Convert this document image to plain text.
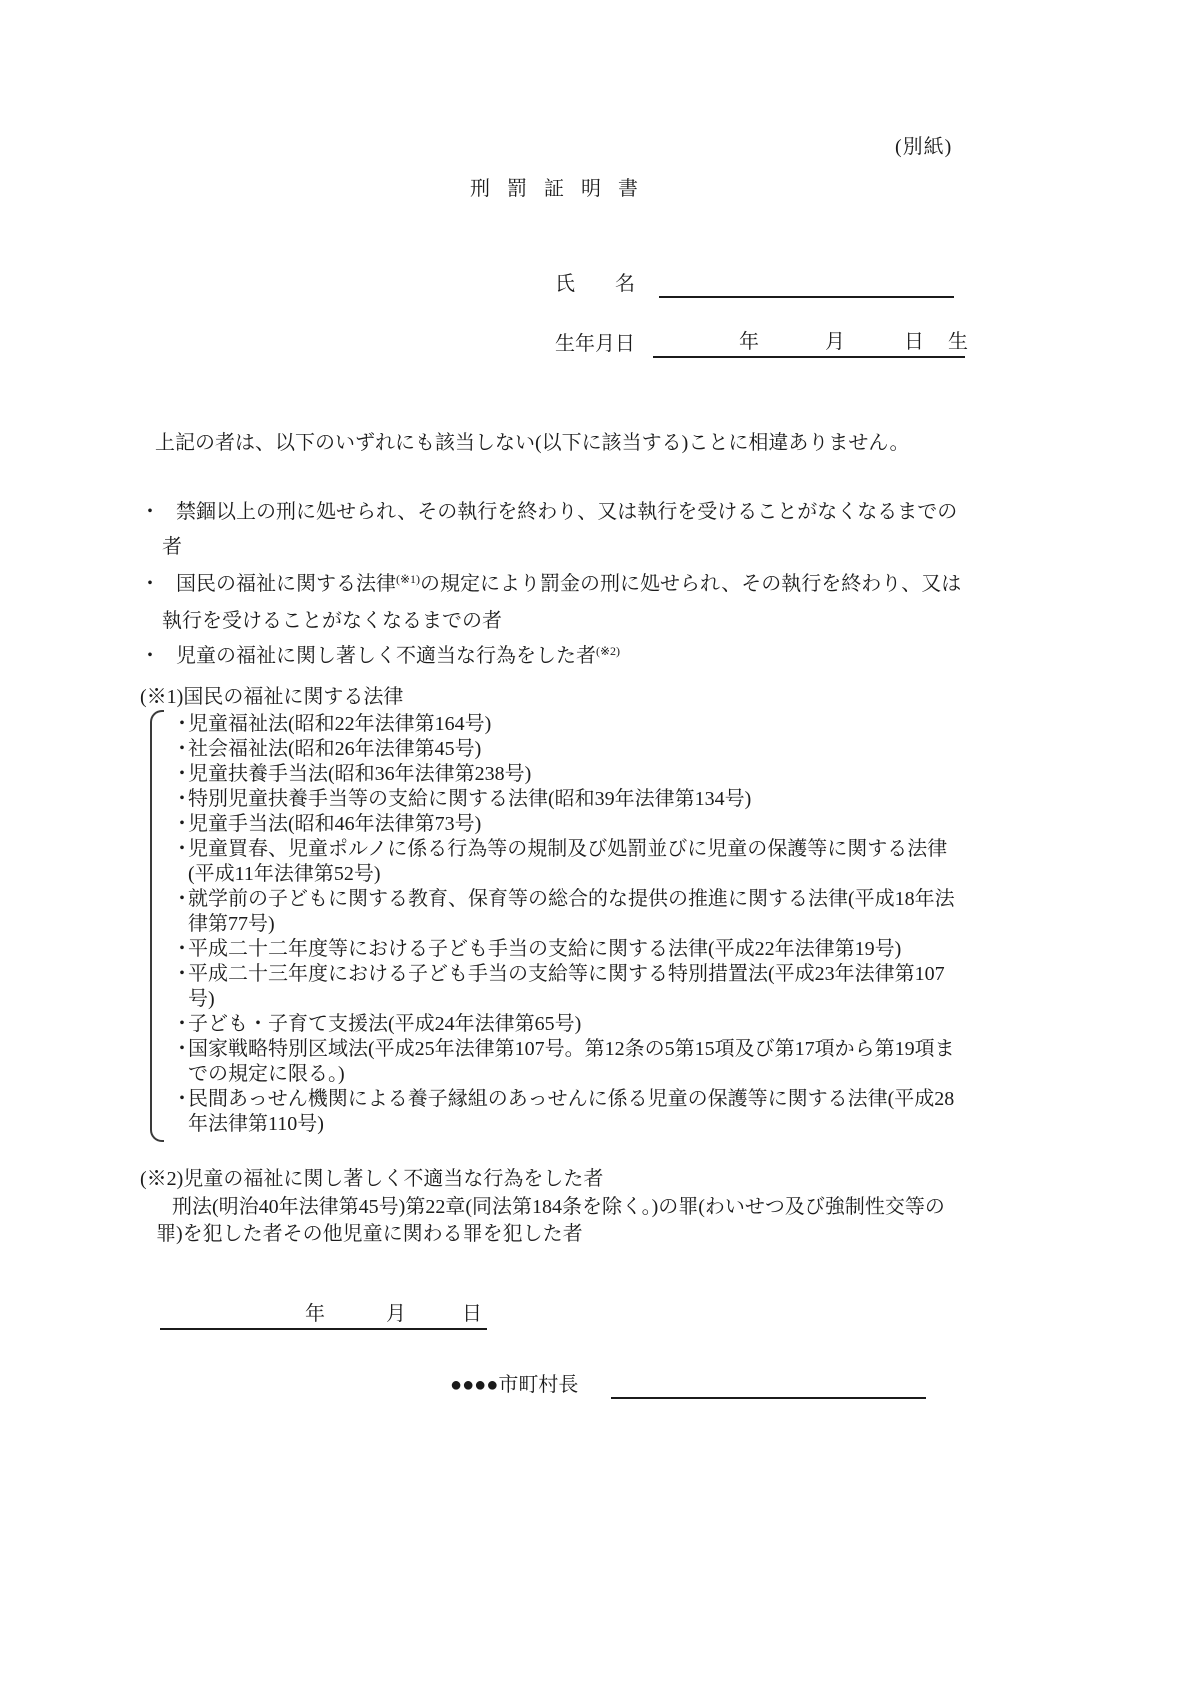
(別紙)
刑罰証明書
氏　　名
生年月日	年	月	日 生
上記の者は、以下のいずれにも該当しない(以下に該当する)ことに相違ありません。
・ 禁錮以上の刑に処せられ、その執行を終わり、又は執行を受けることがなくなるまでの者
・ 国民の福祉に関する法律$^{(※1)}$の規定により罰金の刑に処せられ、その執行を終わり、又は執行を受けることがなくなるまでの者
・ 児童の福祉に関し著しく不適当な行為をした者$^{(※2)}$
(※1)国民の福祉に関する法律
・
児童福祉法(昭和22年法律第164号)
・
社会福祉法(昭和26年法律第45号)
・
児童扶養手当法(昭和36年法律第238号)
・
特別児童扶養手当等の支給に関する法律(昭和39年法律第134号)
・
児童手当法(昭和46年法律第73号)
・
児童買春、児童ポルノに係る行為等の規制及び処罰並びに児童の保護等に関する法律(平成11年法律第52号)
・
就学前の子どもに関する教育、保育等の総合的な提供の推進に関する法律(平成18年法律第77号)
・
平成二十二年度等における子ども手当の支給に関する法律(平成22年法律第19号)
・
平成二十三年度における子ども手当の支給等に関する特別措置法(平成23年法律第107号)
・
子ども・子育て支援法(平成24年法律第65号)
・
国家戦略特別区域法(平成25年法律第107号。第12条の5第15項及び第17項から第19項までの規定に限る。)
・
民間あっせん機関による養子縁組のあっせんに係る児童の保護等に関する法律(平成28年法律第110号)
(※2)児童の福祉に関し著しく不適当な行為をした者
刑法(明治40年法律第45号)第22章(同法第184条を除く。)の罪(わいせつ及び強制性交等の罪)を犯した者その他児童に関わる罪を犯した者
年	月	日
●●●●市町村長
